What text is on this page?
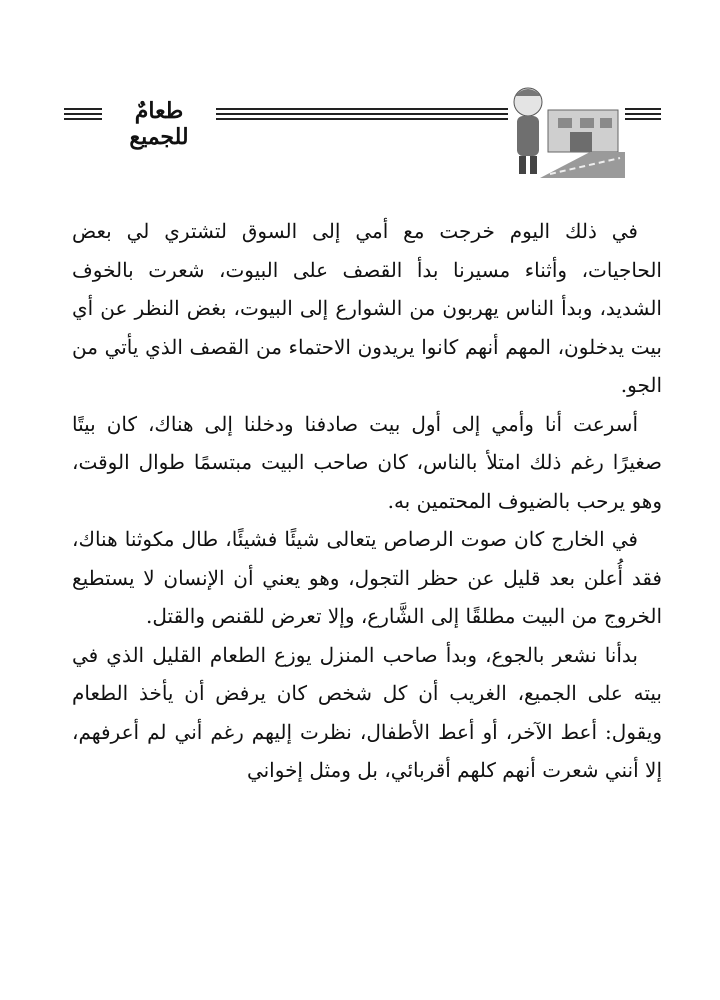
طعامٌ للجميع

في ذلك اليوم خرجت مع أمي إلى السوق لتشتري لي بعض الحاجيات، وأثناء مسيرنا بدأ القصف على البيوت، شعرت بالخوف الشديد، وبدأ الناس يهربون من الشوارع إلى البيوت، بغض النظر عن أي بيت يدخلون، المهم أنهم كانوا يريدون الاحتماء من القصف الذي يأتي من الجو.

أسرعت أنا وأمي إلى أول بيت صادفنا ودخلنا إلى هناك، كان بيتًا صغيرًا رغم ذلك امتلأ بالناس، كان صاحب البيت مبتسمًا طوال الوقت، وهو يرحب بالضيوف المحتمين به.

في الخارج كان صوت الرصاص يتعالى شيئًا فشيئًا، طال مكوثنا هناك، فقد أُعلن بعد قليل عن حظر التجول، وهو يعني أن الإنسان لا يستطيع الخروج من البيت مطلقًا إلى الشَّارع، وإلا تعرض للقنص والقتل.

بدأنا نشعر بالجوع، وبدأ صاحب المنزل يوزع الطعام القليل الذي في بيته على الجميع، الغريب أن كل شخص كان يرفض أن يأخذ الطعام ويقول: أعط الآخر، أو أعط الأطفال، نظرت إليهم رغم أني لم أعرفهم، إلا أنني شعرت أنهم كلهم أقربائي، بل ومثل إخواني
